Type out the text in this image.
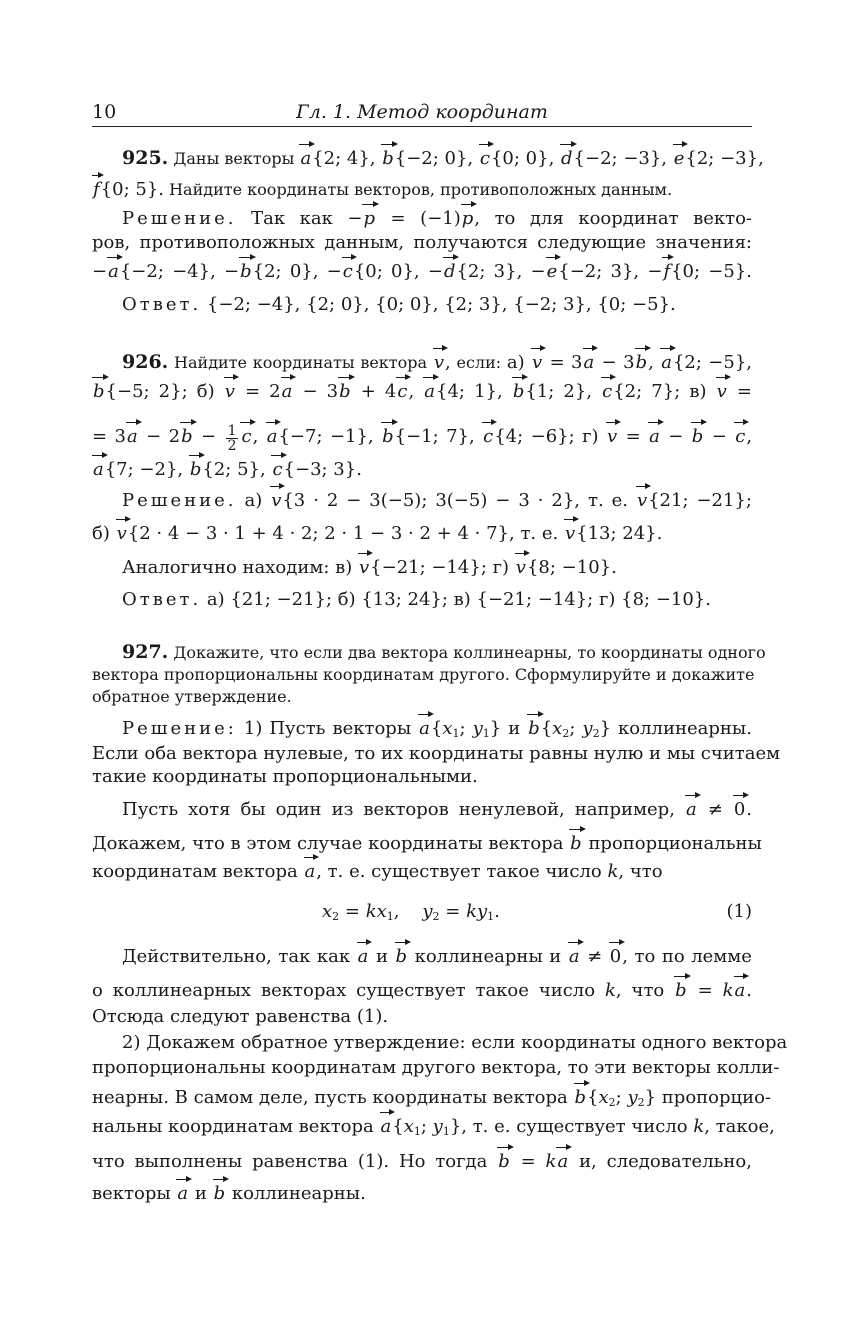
10	Гл. 1. Метод координат
925. Даны векторы a{2; 4}, b{−2; 0}, c{0; 0}, d{−2; −3}, e{2; −3},
f{0; 5}. Найдите координаты векторов, противоположных данным.
Решение. Так как −p = (−1)p, то для координат векто-
ров, противоположных данным, получаются следующие значения:
−a{−2; −4}, −b{2; 0}, −c{0; 0}, −d{2; 3}, −e{−2; 3}, −f{0; −5}.
Ответ. {−2; −4}, {2; 0}, {0; 0}, {2; 3}, {−2; 3}, {0; −5}.
926. Найдите координаты вектора v, если: а) v = 3a − 3b, a{2; −5},
b{−5; 2}; б) v = 2a − 3b + 4c, a{4; 1}, b{1; 2}, c{2; 7}; в) v =
= $3a - 2b - \frac{1}{2} c$, a{−7; −1}, b{−1; 7}, c{4; −6}; г) v = a − b − c,
a{7; −2}, b{2; 5}, c{−3; 3}.
Решение. а) v{3 · 2 − 3(−5); 3(−5) − 3 · 2}, т. е. v{21; −21};
б) v{2 · 4 − 3 · 1 + 4 · 2; 2 · 1 − 3 · 2 + 4 · 7}, т. е. v{13; 24}.
Аналогично находим: в) v{−21; −14}; г) v{8; −10}.
Ответ. а) {21; −21}; б) {13; 24}; в) {−21; −14}; г) {8; −10}.
927. Докажите, что если два вектора коллинеарны, то координаты одного
вектора пропорциональны координатам другого. Сформулируйте и докажите
обратное утверждение.
Решение: 1) Пусть векторы $a\{x_1$; $y_1$} и $b\{x_2$; $y_2$} коллинеарны.
Если оба вектора нулевые, то их координаты равны нулю и мы считаем
такие координаты пропорциональными.
Пусть хотя бы один из векторов ненулевой, например, a ≠ 0.
Докажем, что в этом случае координаты вектора b пропорциональны
координатам вектора a, т. е. существует такое число k, что
$x_2 = kx_1$,    $y_2 = ky_1$.	(1)
Действительно, так как a и b коллинеарны и a ≠ 0, то по лемме
о коллинеарных векторах существует такое число k, что b = ka.
Отсюда следуют равенства (1).
2) Докажем обратное утверждение: если координаты одного вектора
пропорциональны координатам другого вектора, то эти векторы колли-
неарны. В самом деле, пусть координаты вектора $b\{x_2$; $y_2$} пропорцио-
нальны координатам вектора $a\{x_1$; $y_1$}, т. е. существует число k, такое,
что выполнены равенства (1). Но тогда b = ka и, следовательно,
векторы a и b коллинеарны.
